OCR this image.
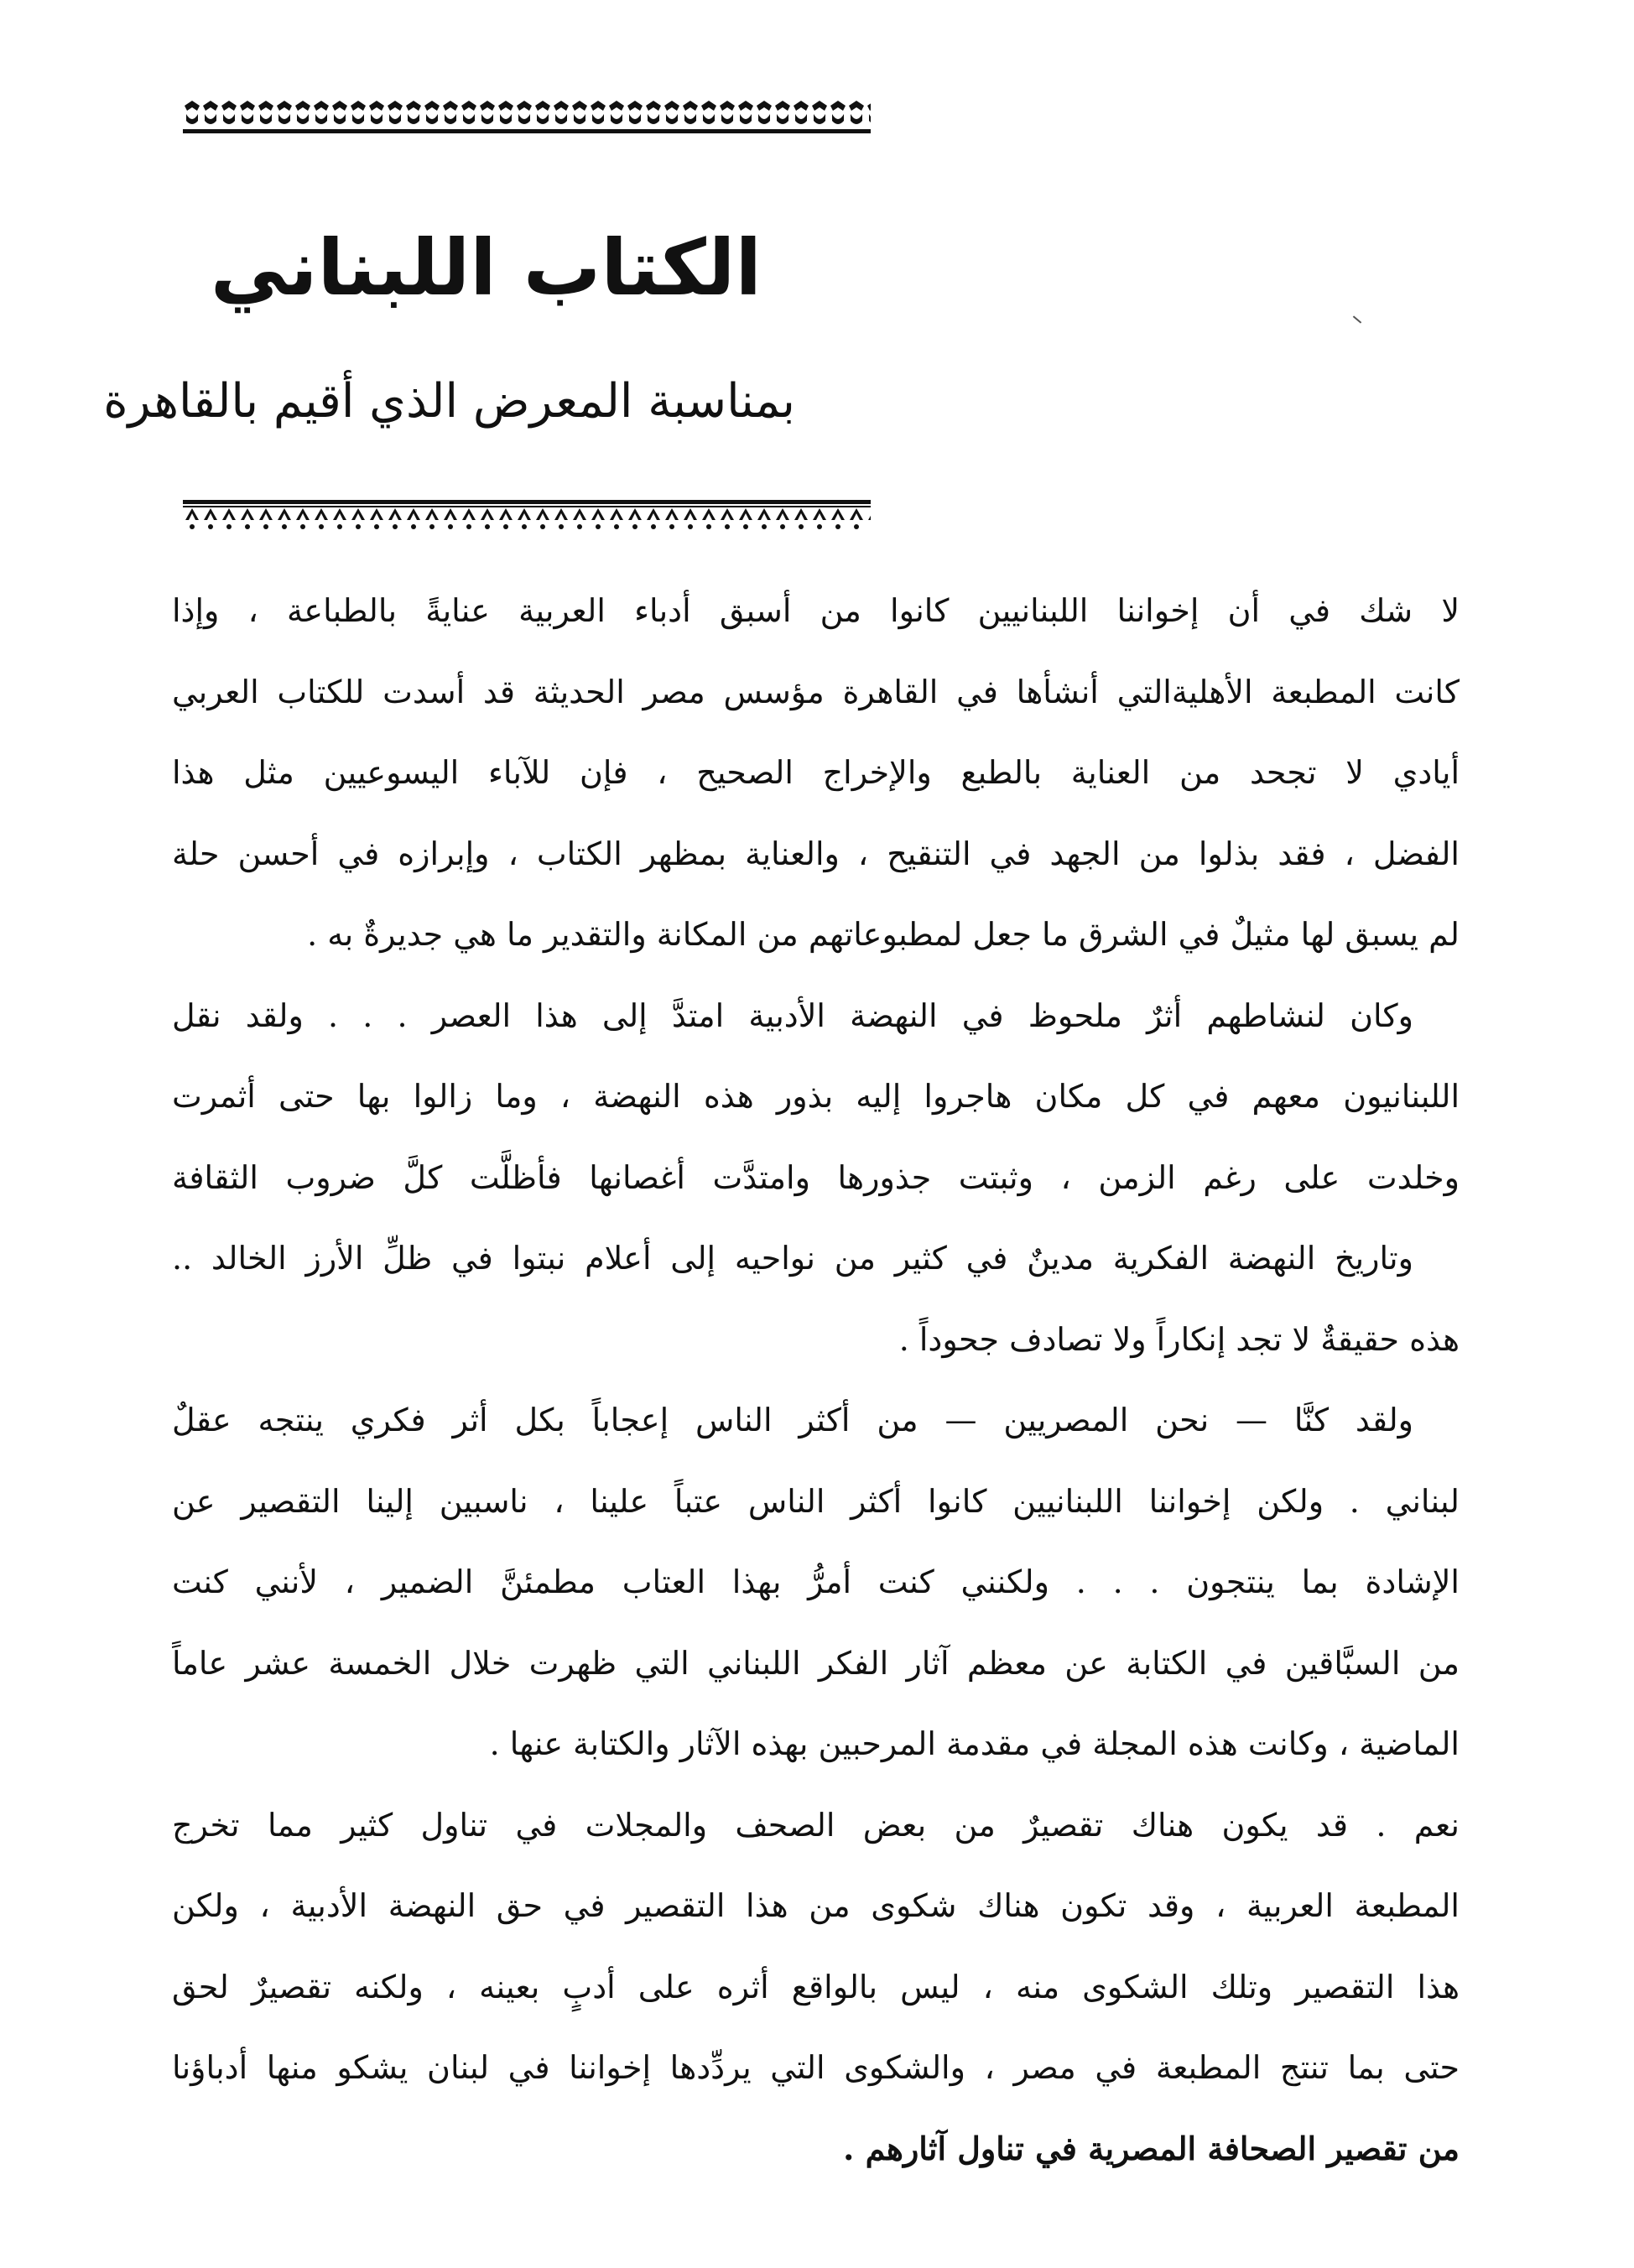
الكتاب اللبناني
بمناسبة المعرض الذي أقيم بالقاهرة
لا شك في أن إخواننا اللبنانيين كانوا من أسبق أدباء العربية عنايةً بالطباعة ، وإذا
كانت المطبعة الأهليةالتي أنشأها في القاهرة مؤسس مصر الحديثة قد أسدت للكتاب العربي
أيادي لا تجحد من العناية بالطبع والإخراج الصحيح ، فإن للآباء اليسوعيين مثل هذا
الفضل ، فقد بذلوا من الجهد في التنقيح ، والعناية بمظهر الكتاب ، وإبرازه في أحسن حلة
لم يسبق لها مثيلٌ في الشرق ما جعل لمطبوعاتهم من المكانة والتقدير ما هي جديرةٌ به .
وكان لنشاطهم أثرٌ ملحوظ في النهضة الأدبية امتدَّ إلى هذا العصر . . . ولقد نقل
اللبنانيون معهم في كل مكان هاجروا إليه بذور هذه النهضة ، وما زالوا بها حتى أثمرت
وخلدت على رغم الزمن ، وثبتت جذورها وامتدَّت أغصانها فأظلَّت كلَّ ضروب الثقافة
وتاريخ النهضة الفكرية مدينٌ في كثير من نواحيه إلى أعلام نبتوا في ظلِّ الأرز الخالد ..
هذه حقيقةٌ لا تجد إنكاراً ولا تصادف جحوداً .
ولقد كنَّا — نحن المصريين — من أكثر الناس إعجاباً بكل أثر فكري ينتجه عقلٌ
لبناني . ولكن إخواننا اللبنانيين كانوا أكثر الناس عتباً علينا ، ناسبين إلينا التقصير عن
الإشادة بما ينتجون . . . ولكنني كنت أمرُّ بهذا العتاب مطمئنَّ الضمير ، لأنني كنت
من السبَّاقين في الكتابة عن معظم آثار الفكر اللبناني التي ظهرت خلال الخمسة عشر عاماً
الماضية ، وكانت هذه المجلة في مقدمة المرحبين بهذه الآثار والكتابة عنها .
نعم . قد يكون هناك تقصيرٌ من بعض الصحف والمجلات في تناول كثير مما تخرج
المطبعة العربية ، وقد تكون هناك شكوى من هذا التقصير في حق النهضة الأدبية ، ولكن
هذا التقصير وتلك الشكوى منه ، ليس بالواقع أثره على أدبٍ بعينه ، ولكنه تقصيرٌ لحق
حتى بما تنتج المطبعة في مصر ، والشكوى التي يردِّدها إخواننا في لبنان يشكو منها أدباؤنا
من تقصير الصحافة المصرية في تناول آثارهم .
